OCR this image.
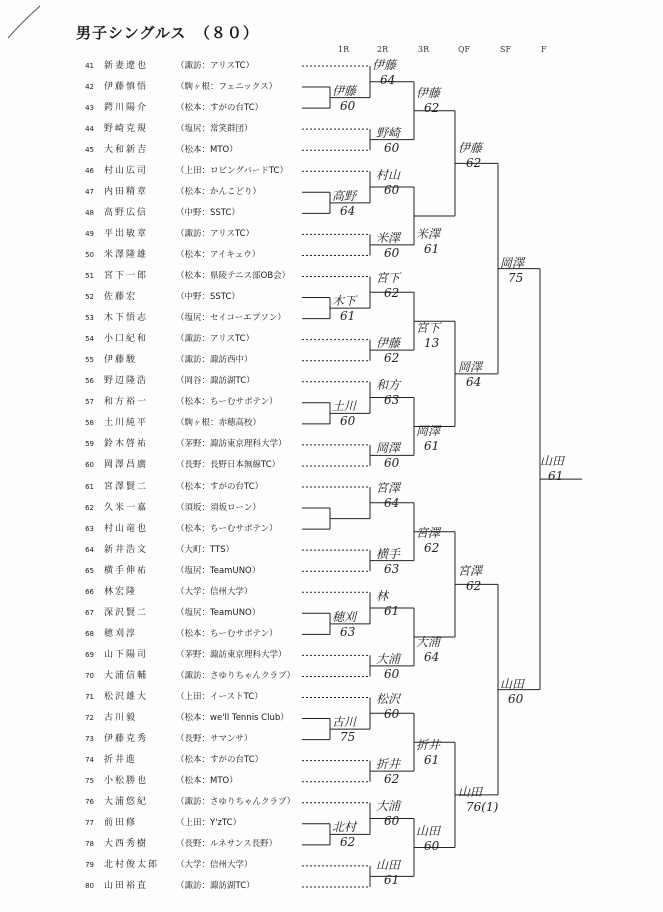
男子シングルス　（８０）
1R	2R	3R	QF	SF	F
41 新妻遼也	（諏訪：アリスTC）
42 伊藤慎悟	（駒ヶ根：フェニックス）
43 鍔川陽介	（松本：すがの台TC）
44 野崎克規	（塩尻：常笑群団）
45 大和新吉	（松本：MTO）
46 村山広司	（上田：ロビングバードTC）
47 内田精章	（松本：かんこどり）
48 高野広信	（中野：SSTC）
49 平出敏章	（諏訪：アリスTC）
50 米澤隆雄	（松本：アイキュウ）
51 宮下一郎	（松本：県陵テニス部OB会）
52 佐藤宏	（中野：SSTC）
53 木下悟志	（塩尻：セイコーエプソン）
54 小口紀和	（諏訪：アリスTC）
55 伊藤駿	（諏訪：諏訪西中）
56 野辺隆浩	（岡谷：諏訪湖TC）
57 和方裕一	（松本：ちーむサボテン）
58 土川純平	（駒ヶ根：赤穂高校）
59 鈴木啓祐	（茅野：諏訪東京理科大学）
60 岡澤昌廣	（長野：長野日本無線TC）
61 宮澤賢二	（松本：すがの台TC）
62 久米一嘉	（須坂：須坂ローン）
63 村山竜也	（松本：ちーむサボテン）
64 新井浩文	（大町：TTS）
65 横手伸祐	（塩尻：TeamUNO）
66 林宏隆	（大学：信州大学）
67 深沢賢二	（塩尻：TeamUNO）
68 穂刈淳	（松本：ちーむサボテン）
69 山下陽司	（茅野：諏訪東京理科大学）
70 大浦信輔	（諏訪：さゆりちゃんクラブ）
71 松沢雄大	（上田：イーストTC）
72 古川毅	（松本：we'll Tennis Club）
73 伊藤克秀	（長野：サマンサ）
74 折井進	（松本：すがの台TC）
75 小松勝也	（松本：MTO）
76 大浦悠紀	（諏訪：さゆりちゃんクラブ）
77 前田修	（上田：Y'zTC）
78 大西秀樹	（長野：ルネサンス長野）
79 北村俊太郎	（大学：信州大学）
80 山田裕直	（諏訪：諏訪湖TC）
伊藤
60
伊藤
64
野崎
60
村山
60
高野
64
米澤
60
米澤
61
伊藤
62
伊藤
62
宮下
62
木下
61
伊藤
62
宮下
13
和方
63
土川
60
岡澤
60
岡澤
61
岡澤
64
岡澤
75
宮澤
64
宮澤
62
横手
63
林
61
穂刈
63
大浦
60
大浦
64
宮澤
62
松沢
60
古川
75
折井
62
折井
61
大浦
60
北村
62
山田
61
山田
60
山田
76(1)
山田
60
山田
61
